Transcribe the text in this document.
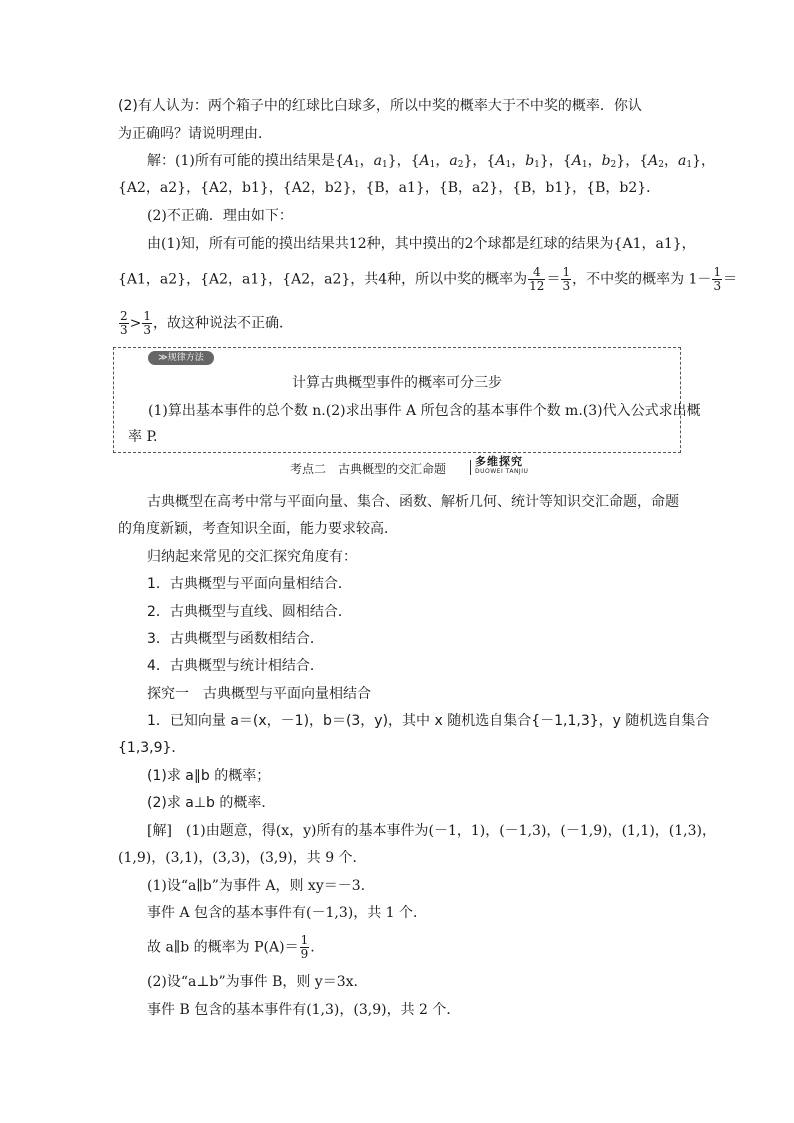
(2)有人认为：两个箱子中的红球比白球多，所以中奖的概率大于不中奖的概率．你认
为正确吗？请说明理由．
解：(1)所有可能的摸出结果是{$A_1$，$a_1$}，{$A_1$，$a_2$}，{$A_1$，$b_1$}，{$A_1$，$b_2$}，{$A_2$，$a_1$}，
{A2，a2}，{A2，b1}，{A2，b2}，{B，a1}，{B，a2}，{B，b1}，{B，b2}．
(2)不正确．理由如下：
由(1)知，所有可能的摸出结果共12种，其中摸出的2个球都是红球的结果为{A1，a1}，
{A1，a2}，{A2，a1}，{A2，a2}，共4种，所以中奖的概率为 $\frac{4}{12} = \frac{1}{3}$ ，不中奖的概率为 $1- \frac{1}{3}$ ＝
$\frac{2}{3} > \frac{1}{3}$ ，故这种说法不正确．
≫规律方法
计算古典概型事件的概率可分三步
(1)算出基本事件的总个数 n.(2)求出事件 A 所包含的基本事件个数 m.(3)代入公式求出概
率 P.
考点二　古典概型的交汇命题
多维探究
DUOWEI TANJIU
古典概型在高考中常与平面向量、集合、函数、解析几何、统计等知识交汇命题，命题
的角度新颖，考查知识全面，能力要求较高．
归纳起来常见的交汇探究角度有：
1．古典概型与平面向量相结合．
2．古典概型与直线、圆相结合．
3．古典概型与函数相结合．
4．古典概型与统计相结合．
探究一　古典概型与平面向量相结合
1．已知向量 a＝(x，－1)，b＝(3，y)，其中 x 随机选自集合{－1,1,3}，y 随机选自集合
{1,3,9}．
(1)求 a∥b 的概率；
(2)求 a⊥b 的概率．
[解]　(1)由题意，得(x，y)所有的基本事件为(－1，1)，(－1,3)，(－1,9)，(1,1)，(1,3)，
(1,9)，(3,1)，(3,3)，(3,9)，共 9 个．
(1)设“a∥b”为事件 A，则 xy＝－3.
事件 A 包含的基本事件有(－1,3)，共 1 个．
故 a∥b 的概率为 $P(A)= \frac{1}{9}$ .
(2)设“a⊥b”为事件 B，则 y＝3x.
事件 B 包含的基本事件有(1,3)，(3,9)，共 2 个．
